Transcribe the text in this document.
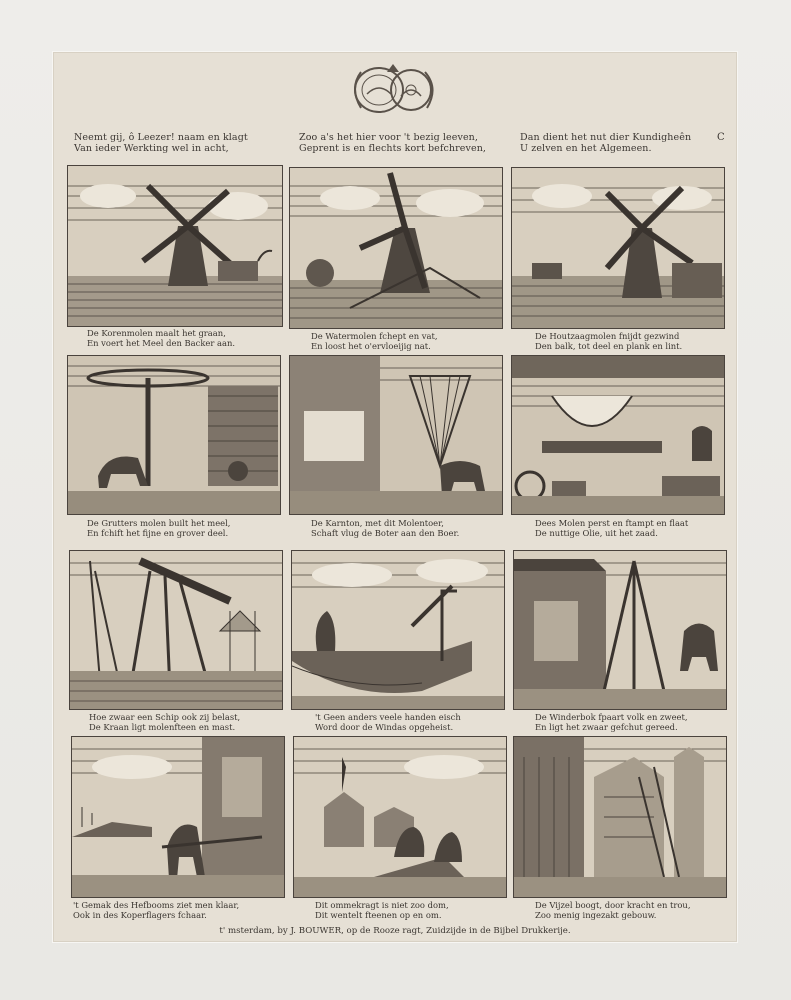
Neemt gij, ô Leezer! naam en klagt
Van ieder Werkting wel in acht,
Zoo a's het hier voor 't bezig leeven,
Geprent is en flechts kort befchreven,
Dan dient het nut dier Kundigheên
U zelven en het Algemeen.
C
De Korenmolen maalt het graan,
En voert het Meel den Backer aan.
De Watermolen fchept en vat,
En loost het o'ervloeijig nat.
De Houtzaagmolen fnijdt gezwind
Den balk, tot deel en plank en lint.
De Grutters molen built het meel,
En fchift het fijne en grover deel.
De Karnton, met dit Molentoer,
Schaft vlug de Boter aan den Boer.
Dees Molen perst en ftampt en flaat
De nuttige Olie, uit het zaad.
Hoe zwaar een Schip ook zij belast,
De Kraan ligt molenfteen en mast.
't Geen anders veele handen eisch
Word door de Windas opgeheist.
De Winderbok fpaart volk en zweet,
En ligt het zwaar gefchut gereed.
't Gemak des Hefbooms ziet men klaar,
Ook in des Koperflagers fchaar.
Dit ommekragt is niet zoo dom,
Dit wentelt fteenen op en om.
De Vijzel boogt, door kracht en trou,
Zoo menig ingezakt gebouw.
t' msterdam, by J. BOUWER, op de Rooze ragt, Zuidzijde in de Bijbel Drukkerije.
